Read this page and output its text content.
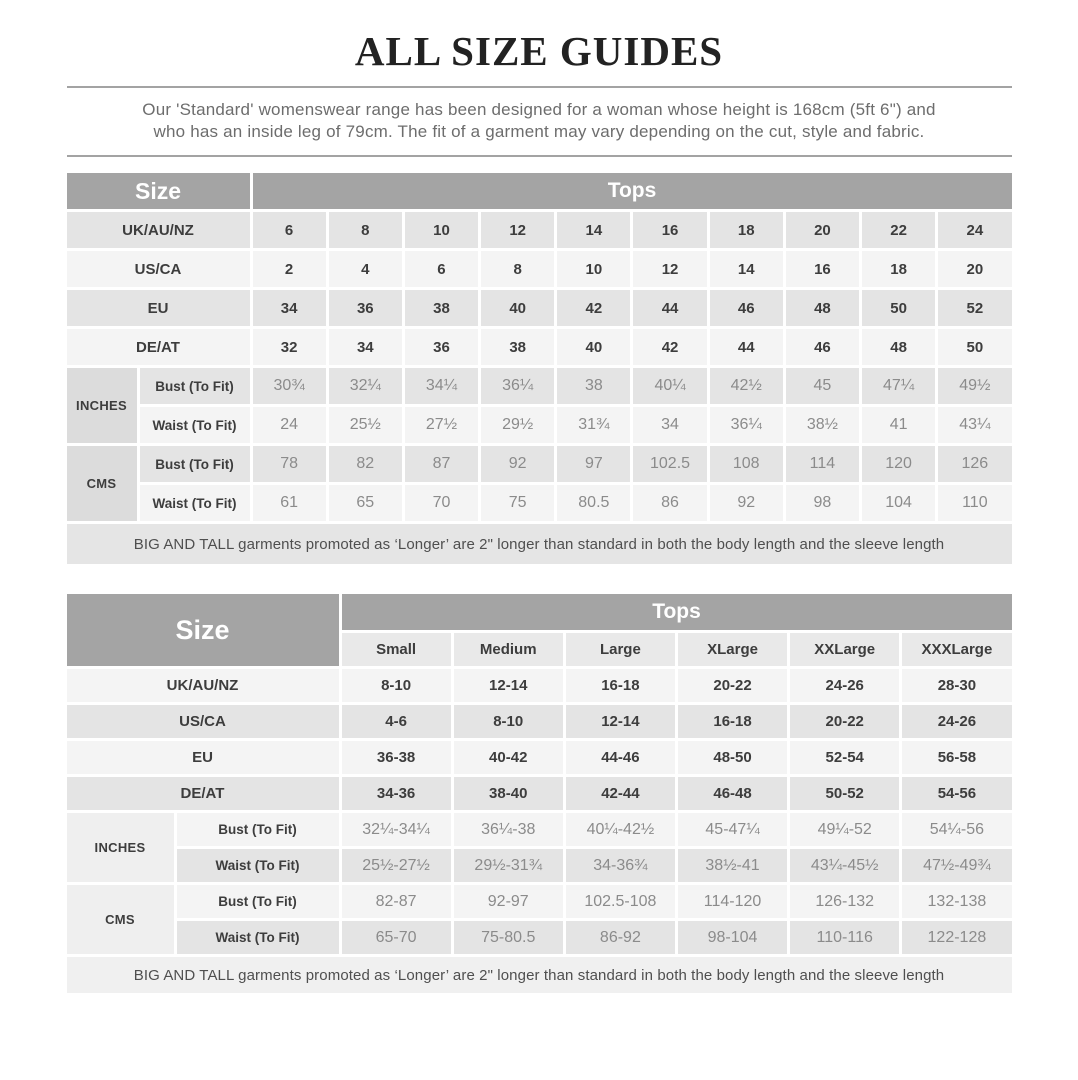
ALL SIZE GUIDES
Our 'Standard' womenswear range has been designed for a woman whose height is 168cm (5ft 6") and
who has an inside leg of 79cm. The fit of a garment may vary depending on the cut, style and fabric.
Size		Tops									
UK/AU/NZ		6	8	10	12	14	16	18	20	22	24
US/CA		2	4	6	8	10	12	14	16	18	20
EU		34	36	38	40	42	44	46	48	50	52
DE/AT		32	34	36	38	40	42	44	46	48	50
INCHES	Bust (To Fit)	30¾	32¼	34¼	36¼	38	40¼	42½	45	47¼	49½
	Waist (To Fit)	24	25½	27½	29½	31¾	34	36¼	38½	41	43¼
CMS	Bust (To Fit)	78	82	87	92	97	102.5	108	114	120	126
	Waist (To Fit)	61	65	70	75	80.5	86	92	98	104	110
BIG AND TALL garments promoted as ‘Longer’ are 2" longer than standard in both the body length and the sleeve length											
Size		Tops					
		Small	Medium	Large	XLarge	XXLarge	XXXLarge
UK/AU/NZ		8-10	12-14	16-18	20-22	24-26	28-30
US/CA		4-6	8-10	12-14	16-18	20-22	24-26
EU		36-38	40-42	44-46	48-50	52-54	56-58
DE/AT		34-36	38-40	42-44	46-48	50-52	54-56
INCHES	Bust (To Fit)	32¼-34¼	36¼-38	40¼-42½	45-47¼	49¼-52	54¼-56
	Waist (To Fit)	25½-27½	29½-31¾	34-36¾	38½-41	43¼-45½	47½-49¾
CMS	Bust (To Fit)	82-87	92-97	102.5-108	114-120	126-132	132-138
	Waist (To Fit)	65-70	75-80.5	86-92	98-104	110-116	122-128
BIG AND TALL garments promoted as ‘Longer’ are 2" longer than standard in both the body length and the sleeve length							
